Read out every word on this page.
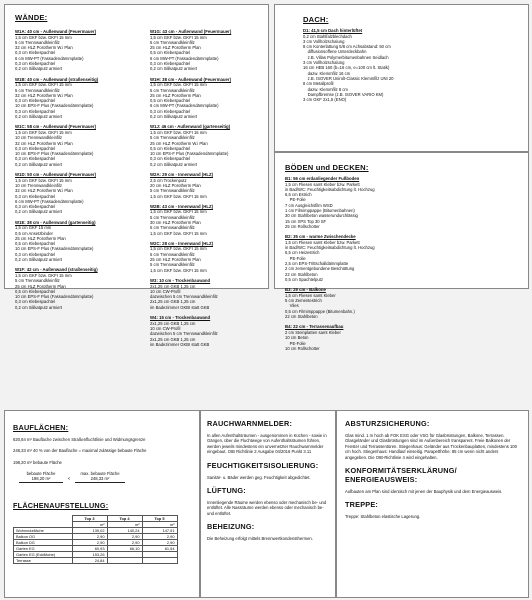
WÄNDE:
W1A: 40 cm - Außenwand (Feuermauer)
1,5 cm GKF bzw. GKFI 15 mm
5 cm Trennwandkleinfilz
32 cm HLZ Porotherm W.i Plan
0,3 cm Klebespachtel
6 cm MW-PT (Fassadendämmplatte)
0,3 cm Klebespachtel
0,2 cm Silikatputz armiert
W1B: 40 cm - Außenwand (straßenseitig)
1,5 cm GKF bzw. GKFI 15 mm
5 cm Trennwandkleinfilz
32 cm HLZ Porotherm W.i Plan
0,3 cm Klebespachtel
10 cm EPS-F Plus (Fassadendämmplatte)
0,3 cm Klebespachtel
0,2 cm Silikatputz armiert
W1C: 58 cm - Außenwand (Feuermauer)
1,5 cm GKF bzw. GKFI 15 mm
10 cm Trennwandkleinfilz
32 cm HLZ Porotherm W.i Plan
0,3 cm Klebespachtel
10 cm EPS-F Plus (Fassadendämmplatte)
0,3 cm Klebespachtel
0,2 cm Silikatputz armiert
W1D: 50 cm - Außenwand (Feuermauer)
1,5 cm GKF bzw. GKFI 15 mm
10 cm Trennwandkleinfilz
32 cm HLZ Porotherm W.i Plan
0,3 cm Klebespachtel
6 cm MW-PT (Fassadendämmplatte)
0,3 cm Klebespachtel
0,2 cm Silikatputz armiert
W1E: 38 cm - Außenwand (gartenseitig)
1,5 cm GKF 15 mm
0,5 cm Ansetzbinder
25 cm HLZ Porotherm Plan
0,5 cm Klebespachtel
10 cm EPS-F Plus (Fassadendämmplatte)
0,3 cm Klebespachtel
0,2 cm Silikatputz armiert
W1F: 42 cm - Außenwand (straßenseitig)
1,5 cm GKF bzw. GKFI 15 mm
5 cm Trennwandkleinfilz
25 cm HLZ Porotherm Plan
0,5 cm Klebespachtel
10 cm EPS-F Plus (Fassadendämmplatte)
0,3 cm Klebespachtel
0,2 cm Silikatputz armiert
W1G: 43 cm - Außenwand (Feuermauer)
1,5 cm GKF bzw. GKFI 15 mm
5 cm Trennwandkleinfilz
25 cm HLZ Porotherm Plan
0,5 cm Klebespachtel
6 cm MW-PT (Fassadendämmplatte)
0,3 cm Klebespachtel
0,2 cm Silikatputz armiert
W1H: 38 cm - Außenwand (Feuermauer)
1,5 cm GKF bzw. GKFI 15 mm
5 cm Trennwandkleinfilz
25 cm HLZ Porotherm Plan
0,5 cm Klebespachtel
6 cm MW-PT (Fassadendämmplatte)
0,3 cm Klebespachtel
0,2 cm Silikatputz armiert
W1J: 46 cm - Außenwand (gartenseitig)
1,5 cm GKF bzw. GKFI 15 mm
5 cm Trennwandkleinfilz
25 cm HLZ Porotherm W.i Plan
0,5 cm Klebespachtel
10 cm EPS-F Plus (Fassadendämmplatte)
0,3 cm Klebespachtel
0,2 cm Silikatputz armiert
W2A: 29 cm - Innenwand (HLZ)
2,5 cm Trockenputz
20 cm HLZ Porotherm Plan
5 cm Trennwandkleinfilz
1,5 cm GKF bzw. GKFI 15 mm
W2B: 43 cm - Innenwand (HLZ)
1,5 cm GKF bzw. GKFI 15 mm
5 cm Trennwandkleinfilz
30 cm HLZ Porotherm Plan
5 cm Trennwandkleinfilz
1,5 cm GKF bzw. GKFI 15 mm
W2C: 28 cm - Innenwand (HLZ)
1,5 cm GKF bzw. GKFI 15 mm
5 cm Trennwandkleinfilz
25 cm HLZ Porotherm Plan
5 cm Trennwandkleinfilz
1,5 cm GKF bzw. GKFI 15 mm
W3: 10 cm - Trockenbauwand
2x1,25 cm GKB 1,25 cm
10 cm CW-Profil
dazwischen 5 cm Trennwandkleinfilz
2x1,25 cm GKB 1,25 cm
im Badezimmer GKBI statt GKB
W4: 15 cm - Trockenbauwand
2x1,25 cm GKB 1,25 cm
10 cm CW-Profil
dazwischen 5 cm Trennwandkleinfilz
2x1,25 cm GKB 1,25 cm
im Badezimmer GKBI statt GKB
DACH:
D1: 41,5 cm Dach hinterlüftet
0,2 cm Stahlfalzblechdach
3 cm Vollholzschalung
8 cm Konterlattung 5/8 cm Achsabstand: 50 cm
diffusionsoffene Unterdeckbahn
z.B. Villas Polymerbitumenbahnen Seidlach
3 cm Vollholzschalung
16 cm HEB 160 (b=16 cm, e=100 cm lt. Statik)
dazw. Klemmfilz 16 cm
z.B. ISOVER Unirolt-Classic Klemmfilz UNI 20
8 cm Metallprofil
dazw. Klemmfilz 8 cm
Dampfbremse (z.B. ISOVER VARIO KM)
3 cm GKF 2x1,5 (ENO)
BÖDEN und DECKEN:
B1: 56 cm erdanliegender Fußboden
1,5 cm Fliesen samt Kleber bzw. Parkett
in Bad/WC: Feuchtigkeitsabdichtung lt. Hochzug
6,5 cm Estrich
PE-Folie
7 cm Ausgleichsfilm WSD
1 cm Filmimppappe (Bitumenbahnen)
30 cm Stahlbeton wasserundurchlässig
15 cm XPS Top 30 SF
25 cm Rollschotter
B2: 35 cm - warme Zwischendecke
1,5 cm Fliesen samt Kleber bzw. Parkett
in Bad/WC: Feuchtigkeitsabdichtung lt. Hochzug
6,5 cm Heizestrich
PE-Folie
2,5 cm EPS-Trittschalldämmplatte
2 cm zementgebundene Beschüttung
22 cm Stahlbeton
0,5 cm Spachtelputz
B3: 29 cm - Balkone
1,5 cm Fliesen samt Kleber
5 cm Zementestrich
Vlies
0,5 cm Filmimppappe (Bitumenbahn.)
22 cm Stahlbeton
B4: 22 cm - Terrassenaufbau
2 cm Steinplatten samt Kleber
10 cm Beton
PE-Folie
10 cm Rollschotter
BAUFLÄCHEN:
620,84 m² Bauflache zwischen Straßenfluchtlinie und Widmungsgrenze
248,33 m² 40 % von der Bauflache = maximal zulässige bebaute Fläche
198,20 m² bebaute Fläche
bebaute Fläche
198,20 m²	<
max. bebaute Fläche
248,33 m²
FLÄCHENAUFSTELLUNG:
	Top 3	Top 4	Top 5
	m²	m²	m²
Wohnnutzfläche	139,02	140,24	147,51
Balkon OG	2,90	2,90	2,90
Balkon DG	2,90	2,90	2,90
Garten EG	60,93	66,10	61,54
Garten EG (Eckfläche)	153,26		
Terrasse	24,84		
RAUCHWARNMELDER:
In allen Aufenthaltsräumen - ausgenommen in Küchen - sowie in Gängen, über die Fluchtwege von Aufenthaltsräumen führen, werden jeweils mindestens ein unvernetzter Rauchwarnmelder eingebaut. OIB Richtlinie 2 Ausgabe 04/2016 Punkt 3.11
FEUCHTIGKEITSISOLIERUNG:
Sanitär- u. Bäder werden geg. Feuchtigkeit abgedichtet.
LÜFTUNG:
Innenliegende Räume werden ebenso oder mechanisch be- und entlüftet. Alle Nassräume werden ebenso oder mechanisch be- und entlüftet.
BEHEIZUNG:
Die Beheizung erfolgt mittels Brennwertkondensthermen.
ABSTURZSICHERUNG:
Glas mind. 1 m hoch ab FOK ESG oder VSG für Glasbrüstungen, Balkone, Terrassen. Glasgeländer und Glasbrüstungen sind im Außenbereich transparent. Freie Balkonen der Fenster und Terrassentüren. Stiegenhaus: Geländer aus Trockenbauplatten, mindestens 100 cm hoch. Stiegenhaus: Handlauf einseitig. Parapetthöhe: 85 cm wenn nicht anders angegeben. Die OIB-Richtlinie 4 wird eingehalten.
KONFORMITÄTSERKLÄRUNG/ ENERGIEAUSWEIS:
Aufbauten am Plan sind identisch mit jenen der Bauphysik und dem Energieausweis.
TREPPE:
Treppe: Stahlbeton elastische Lagerung.
